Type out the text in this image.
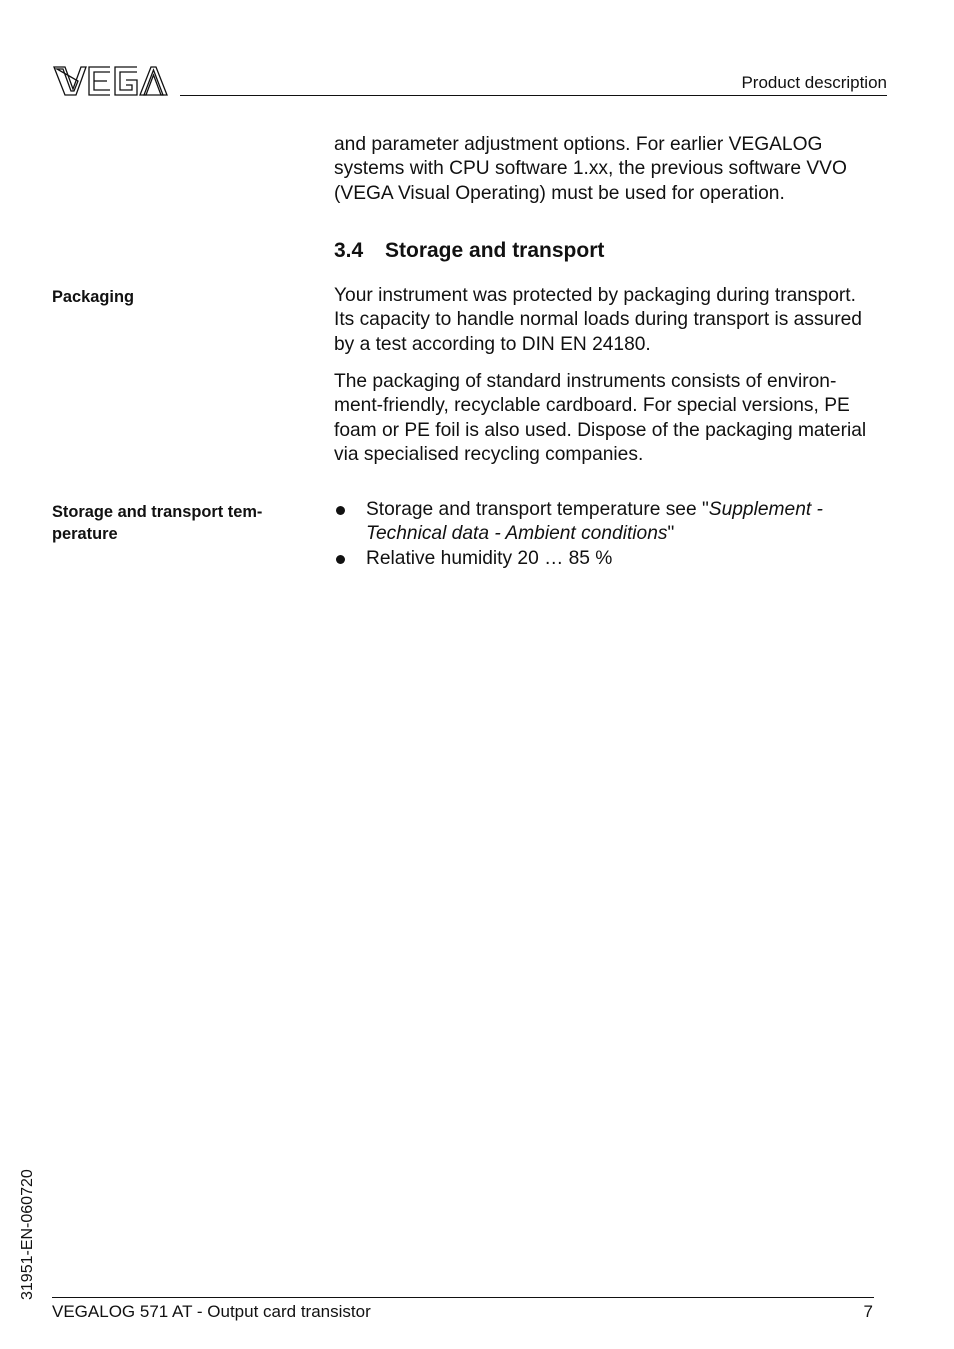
Product description

and parameter adjustment options. For earlier VEGALOG
systems with CPU software 1.xx, the previous software VVO
(VEGA Visual Operating) must be used for operation.

3.4 Storage and transport
Packaging	Your instrument was protected by packaging during transport.
Its capacity to handle normal loads during transport is assured
by a test according to DIN EN 24180.

The packaging of standard instruments consists of environ-
ment-friendly, recyclable cardboard. For special versions, PE
foam or PE foil is also used. Dispose of the packaging material
via specialised recycling companies.

Storage and transport tem-
perature
Storage and transport temperature see "Supplement -
Technical data - Ambient conditions"
Relative humidity 20 … 85 %
31951-EN-060720
VEGALOG 571 AT - Output card transistor	7
